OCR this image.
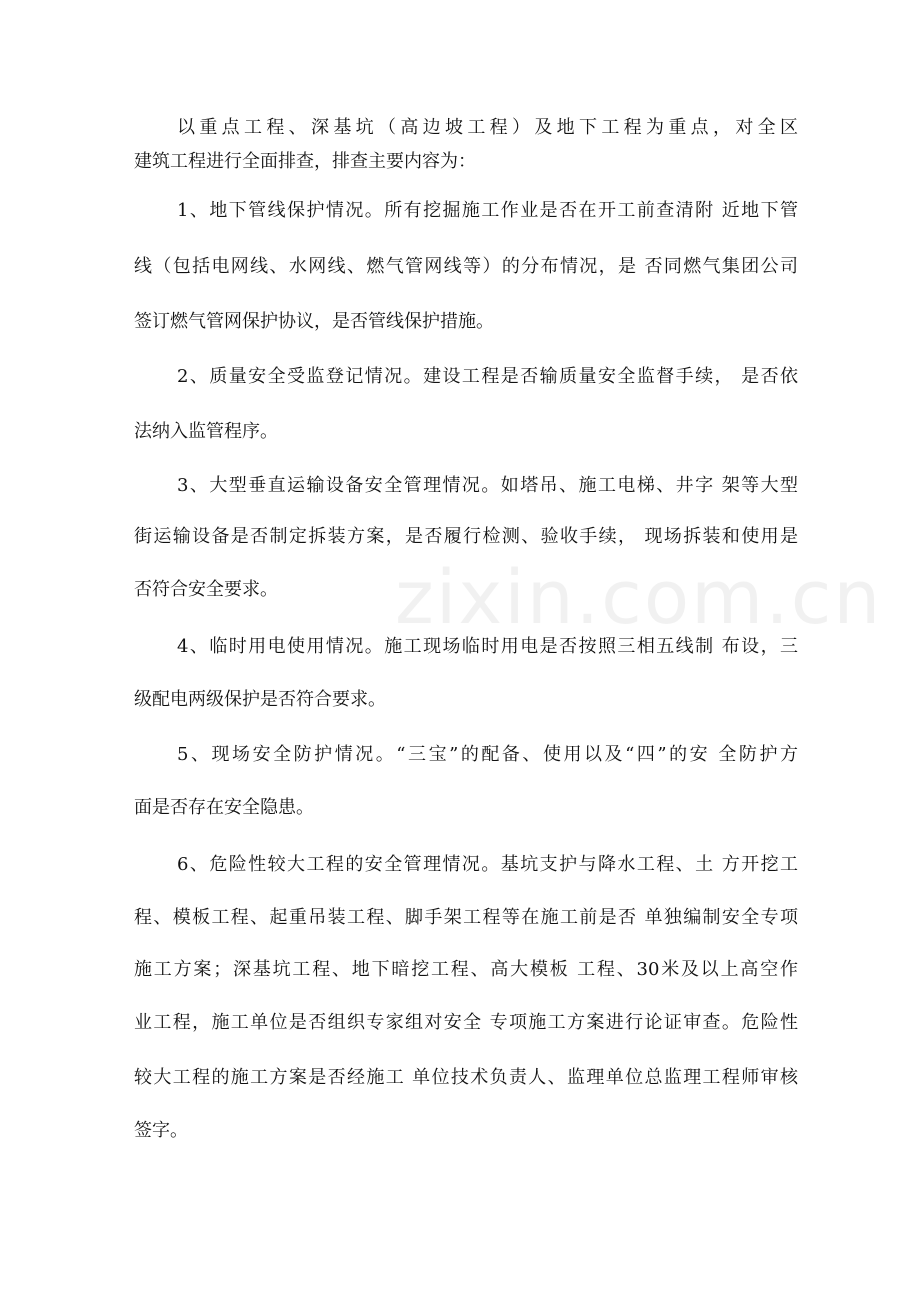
zixin.com.cn
以重点工程、深基坑（高边坡工程）及地下工程为重点，对全区
建筑工程进行全面排查，排查主要内容为：
1、地下管线保护情况。所有挖掘施工作业是否在开工前查清附 近地下管
线（包括电网线、水网线、燃气管网线等）的分布情况，是 否同燃气集团公司
签订燃气管网保护协议，是否管线保护措施。
2、质量安全受监登记情况。建设工程是否输质量安全监督手续， 是否依
法纳入监管程序。
3、大型垂直运输设备安全管理情况。如塔吊、施工电梯、井字 架等大型
街运输设备是否制定拆装方案，是否履行检测、验收手续， 现场拆装和使用是
否符合安全要求。
4、临时用电使用情况。施工现场临时用电是否按照三相五线制 布设，三
级配电两级保护是否符合要求。
5、现场安全防护情况。“三宝”的配备、使用以及“四”的安 全防护方
面是否存在安全隐患。
6、危险性较大工程的安全管理情况。基坑支护与降水工程、土 方开挖工
程、模板工程、起重吊装工程、脚手架工程等在施工前是否 单独编制安全专项
施工方案；深基坑工程、地下暗挖工程、高大模板 工程、30米及以上高空作
业工程，施工单位是否组织专家组对安全 专项施工方案进行论证审查。危险性
较大工程的施工方案是否经施工 单位技术负责人、监理单位总监理工程师审核
签字。
